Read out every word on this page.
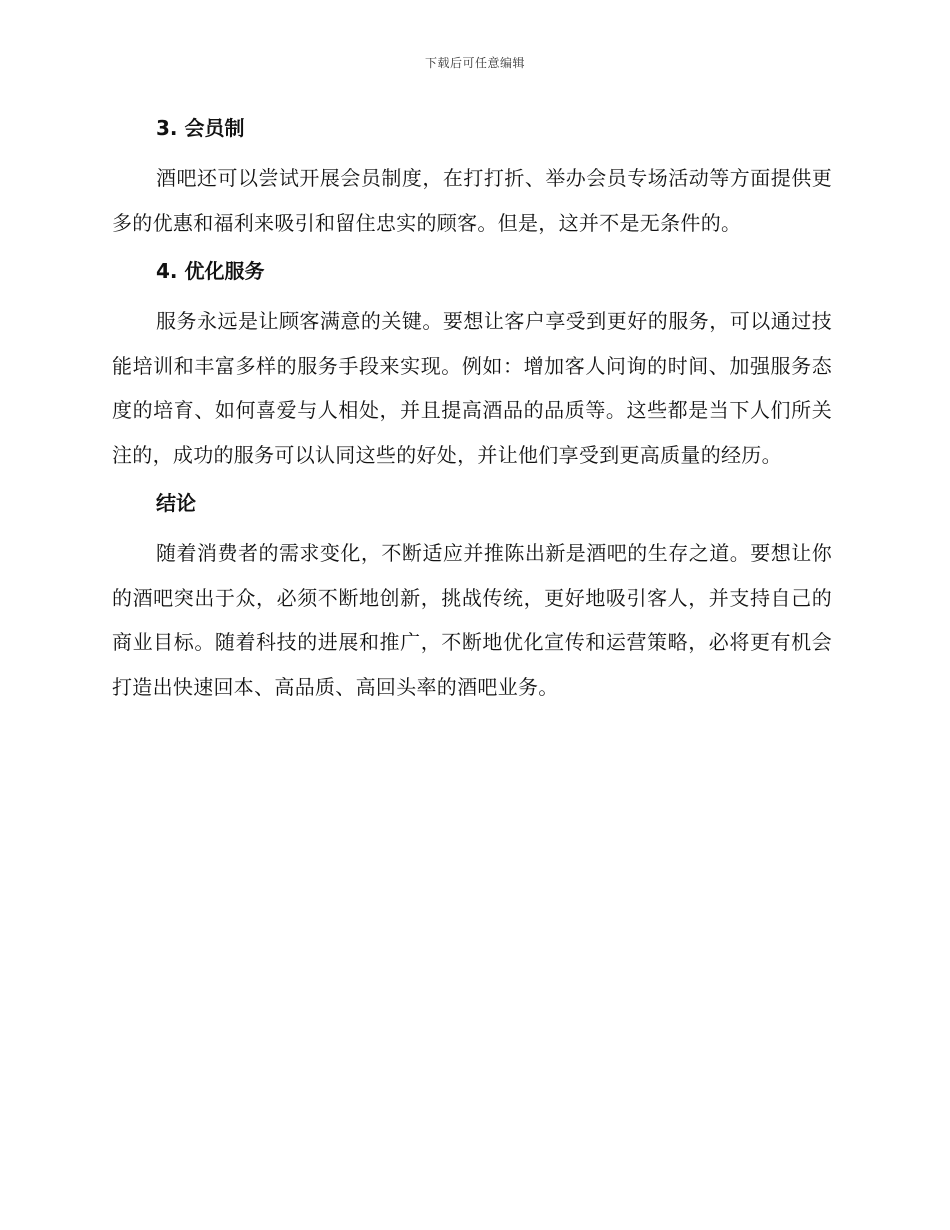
下载后可任意编辑
3. 会员制

酒吧还可以尝试开展会员制度，在打打折、举办会员专场活动等方面提供更多的优惠和福利来吸引和留住忠实的顾客。但是，这并不是无条件的。

4. 优化服务

服务永远是让顾客满意的关键。要想让客户享受到更好的服务，可以通过技能培训和丰富多样的服务手段来实现。例如：增加客人问询的时间、加强服务态度的培育、如何喜爱与人相处，并且提高酒品的品质等。这些都是当下人们所关注的，成功的服务可以认同这些的好处，并让他们享受到更高质量的经历。

结论

随着消费者的需求变化，不断适应并推陈出新是酒吧的生存之道。要想让你的酒吧突出于众，必须不断地创新，挑战传统，更好地吸引客人，并支持自己的商业目标。随着科技的进展和推广，不断地优化宣传和运营策略，必将更有机会打造出快速回本、高品质、高回头率的酒吧业务。
